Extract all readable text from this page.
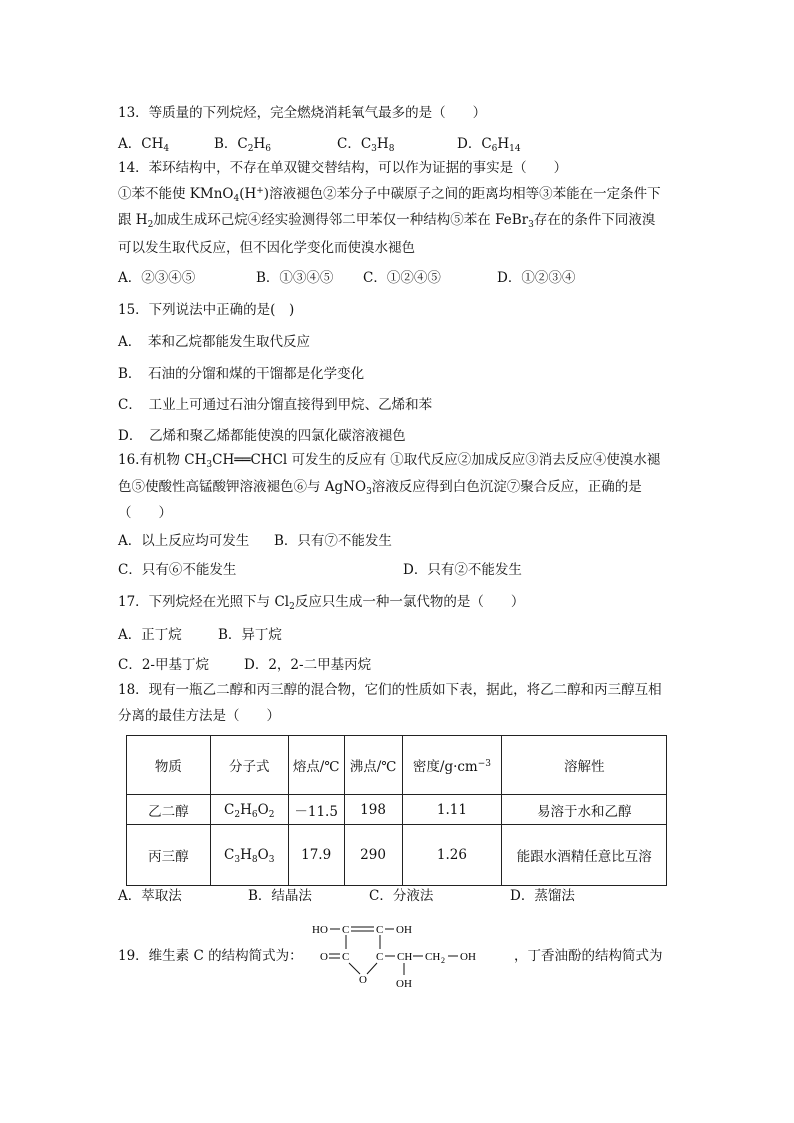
13．等质量的下列烷烃，完全燃烧消耗氧气最多的是（　　）
A．$CH_4$	B．$C_2H_6$	C．$C_3H_8$	D．$C_6H_{14}$
14．苯环结构中，不存在单双键交替结构，可以作为证据的事实是（　　）
①苯不能使 KMnO$_4$(H+)溶液褪色②苯分子中碳原子之间的距离均相等③苯能在一定条件下
跟 $H_2$加成生成环己烷④经实验测得邻二甲苯仅一种结构⑤苯在 FeBr$_3$存在的条件下同液溴
可以发生取代反应，但不因化学变化而使溴水褪色
A．②③④⑤	B．①③④⑤ C．①②④⑤	D．①②③④
15．下列说法中正确的是(　)
A．　苯和乙烷都能发生取代反应
B．　石油的分馏和煤的干馏都是化学变化
C．　工业上可通过石油分馏直接得到甲烷、乙烯和苯
D．　乙烯和聚乙烯都能使溴的四氯化碳溶液褪色
16.有机物 $CH_3CH══CHCl$ 可发生的反应有 ①取代反应②加成反应③消去反应④使溴水褪
色⑤使酸性高锰酸钾溶液褪色⑥与 AgNO$_3$溶液反应得到白色沉淀⑦聚合反应，正确的是
（　　）
A．以上反应均可发生 B．只有⑦不能发生
C．只有⑥不能发生	D．只有②不能发生
17．下列烷烃在光照下与 $Cl_2$反应只生成一种一氯代物的是（　　）
A．正丁烷	B．异丁烷
C．2-甲基丁烷	D．2，2-二甲基丙烷
18．现有一瓶乙二醇和丙三醇的混合物，它们的性质如下表，据此，将乙二醇和丙三醇互相
分离的最佳方法是（　　）
物质	分子式	熔点/℃	沸点/℃	密度$/g\cdot cm^{-3}$	溶解性
乙二醇	$C_2H_6O_2$	－11.5	198	1.11	易溶于水和乙醇
丙三醇	$C_3H_8O_3$	17.9	290	1.26	能跟水酒精任意比互溶
A．萃取法	B．结晶法	C．分液法	D．蒸馏法
19．维生素 C 的结构简式为：	，丁香油酚的结构简式为
HO C C OH
O C C CH CH 2 OH
O	OH
